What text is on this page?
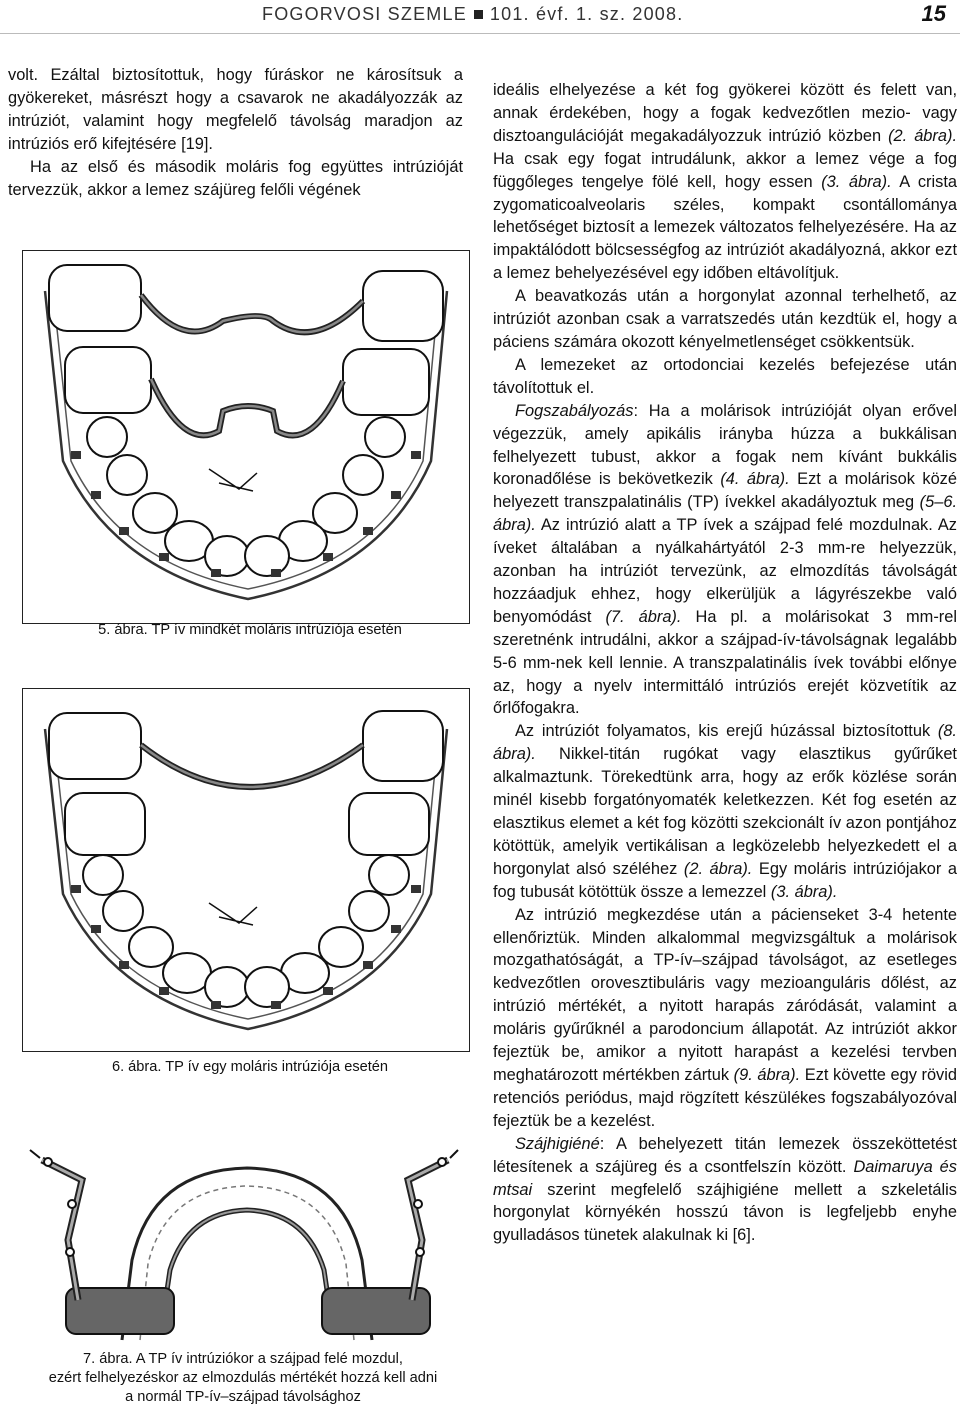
FOGORVOSI SZEMLE 101. évf. 1. sz. 2008.	15

volt. Ezáltal biztosítottuk, hogy fúráskor ne károsítsuk a gyökereket, másrészt hogy a csavarok ne akadályozzák az intrúziót, valamint hogy megfelelő távolság maradjon az intrúziós erő kifejtésére [19].

Ha az első és második moláris fog együttes intrúzióját tervezzük, akkor a lemez szájüreg felőli végének

5. ábra. TP ív mindkét moláris intrúziója esetén
6. ábra. TP ív egy moláris intrúziója esetén
7. ábra. A TP ív intrúziókor a szájpad felé mozdul,
ezért felhelyezéskor az elmozdulás mértékét hozzá kell adni
a normál TP-ív–szájpad távolsághoz

ideális elhelyezése a két fog gyökerei között és felett van, annak érdekében, hogy a fogak kedvezőtlen mezio- vagy disztoangulációját megakadályozzuk intrúzió közben (2. ábra). Ha csak egy fogat intrudálunk, akkor a lemez vége a fog függőleges tengelye fölé kell, hogy essen (3. ábra). A crista zygomaticoalveolaris széles, kompakt csontállománya lehetőséget biztosít a lemezek változatos felhelyezésére. Ha az impaktálódott bölcsességfog az intrúziót akadályozná, akkor ezt a lemez behelyezésével egy időben eltávolítjuk.

A beavatkozás után a horgonylat azonnal terhelhető, az intrúziót azonban csak a varratszedés után kezdtük el, hogy a páciens számára okozott kényelmetlenséget csökkentsük.

A lemezeket az ortodonciai kezelés befejezése után távolítottuk el.

Fogszabályozás: Ha a molárisok intrúzióját olyan erővel végezzük, amely apikális irányba húzza a bukkálisan felhelyezett tubust, akkor a fogak nem kívánt bukkális koronadőlése is bekövetkezik (4. ábra). Ezt a molárisok közé helyezett transzpalatinális (TP) ívekkel akadályoztuk meg (5–6. ábra). Az intrúzió alatt a TP ívek a szájpad felé mozdulnak. Az íveket általában a nyálkahártyától 2-3 mm-re helyezzük, azonban ha intrúziót tervezünk, az elmozdítás távolságát hozzáadjuk ehhez, hogy elkerüljük a lágyrészekbe való benyomódást (7. ábra). Ha pl. a molárisokat 3 mm-rel szeretnénk intrudálni, akkor a szájpad-ív-távolságnak legalább 5-6 mm-nek kell lennie. A transzpalatinális ívek további előnye az, hogy a nyelv intermittáló intrúziós erejét közvetítik az őrlőfogakra.

Az intrúziót folyamatos, kis erejű húzással biztosítottuk (8. ábra). Nikkel-titán rugókat vagy elasztikus gyűrűket alkalmaztunk. Törekedtünk arra, hogy az erők közlése során minél kisebb forgatónyomaték keletkezzen. Két fog esetén az elasztikus elemet a két fog közötti szekcionált ív azon pontjához kötöttük, amelyik vertikálisan a legközelebb helyezkedett el a horgonylat alsó széléhez (2. ábra). Egy moláris intrúziójakor a fog tubusát kötöttük össze a lemezzel (3. ábra).

Az intrúzió megkezdése után a pácienseket 3-4 hetente ellenőriztük. Minden alkalommal megvizsgáltuk a molárisok mozgathatóságát, a TP-ív–szájpad távolságot, az esetleges kedvezőtlen orovesztibuláris vagy mezioanguláris dőlést, az intrúzió mértékét, a nyitott harapás záródását, valamint a moláris gyűrűknél a parodoncium állapotát. Az intrúziót akkor fejeztük be, amikor a nyitott harapást a kezelési tervben meghatározott mértékben zártuk (9. ábra). Ezt követte egy rövid retenciós periódus, majd rögzített készülékes fogszabályozóval fejeztük be a kezelést.

Szájhigiéné: A behelyezett titán lemezek összeköttetést létesítenek a szájüreg és a csontfelszín között. Daimaruya és mtsai szerint megfelelő szájhigiéne mellett a szkeletális horgonylat környékén hosszú távon is legfeljebb enyhe gyulladásos tünetek alakulnak ki [6].
